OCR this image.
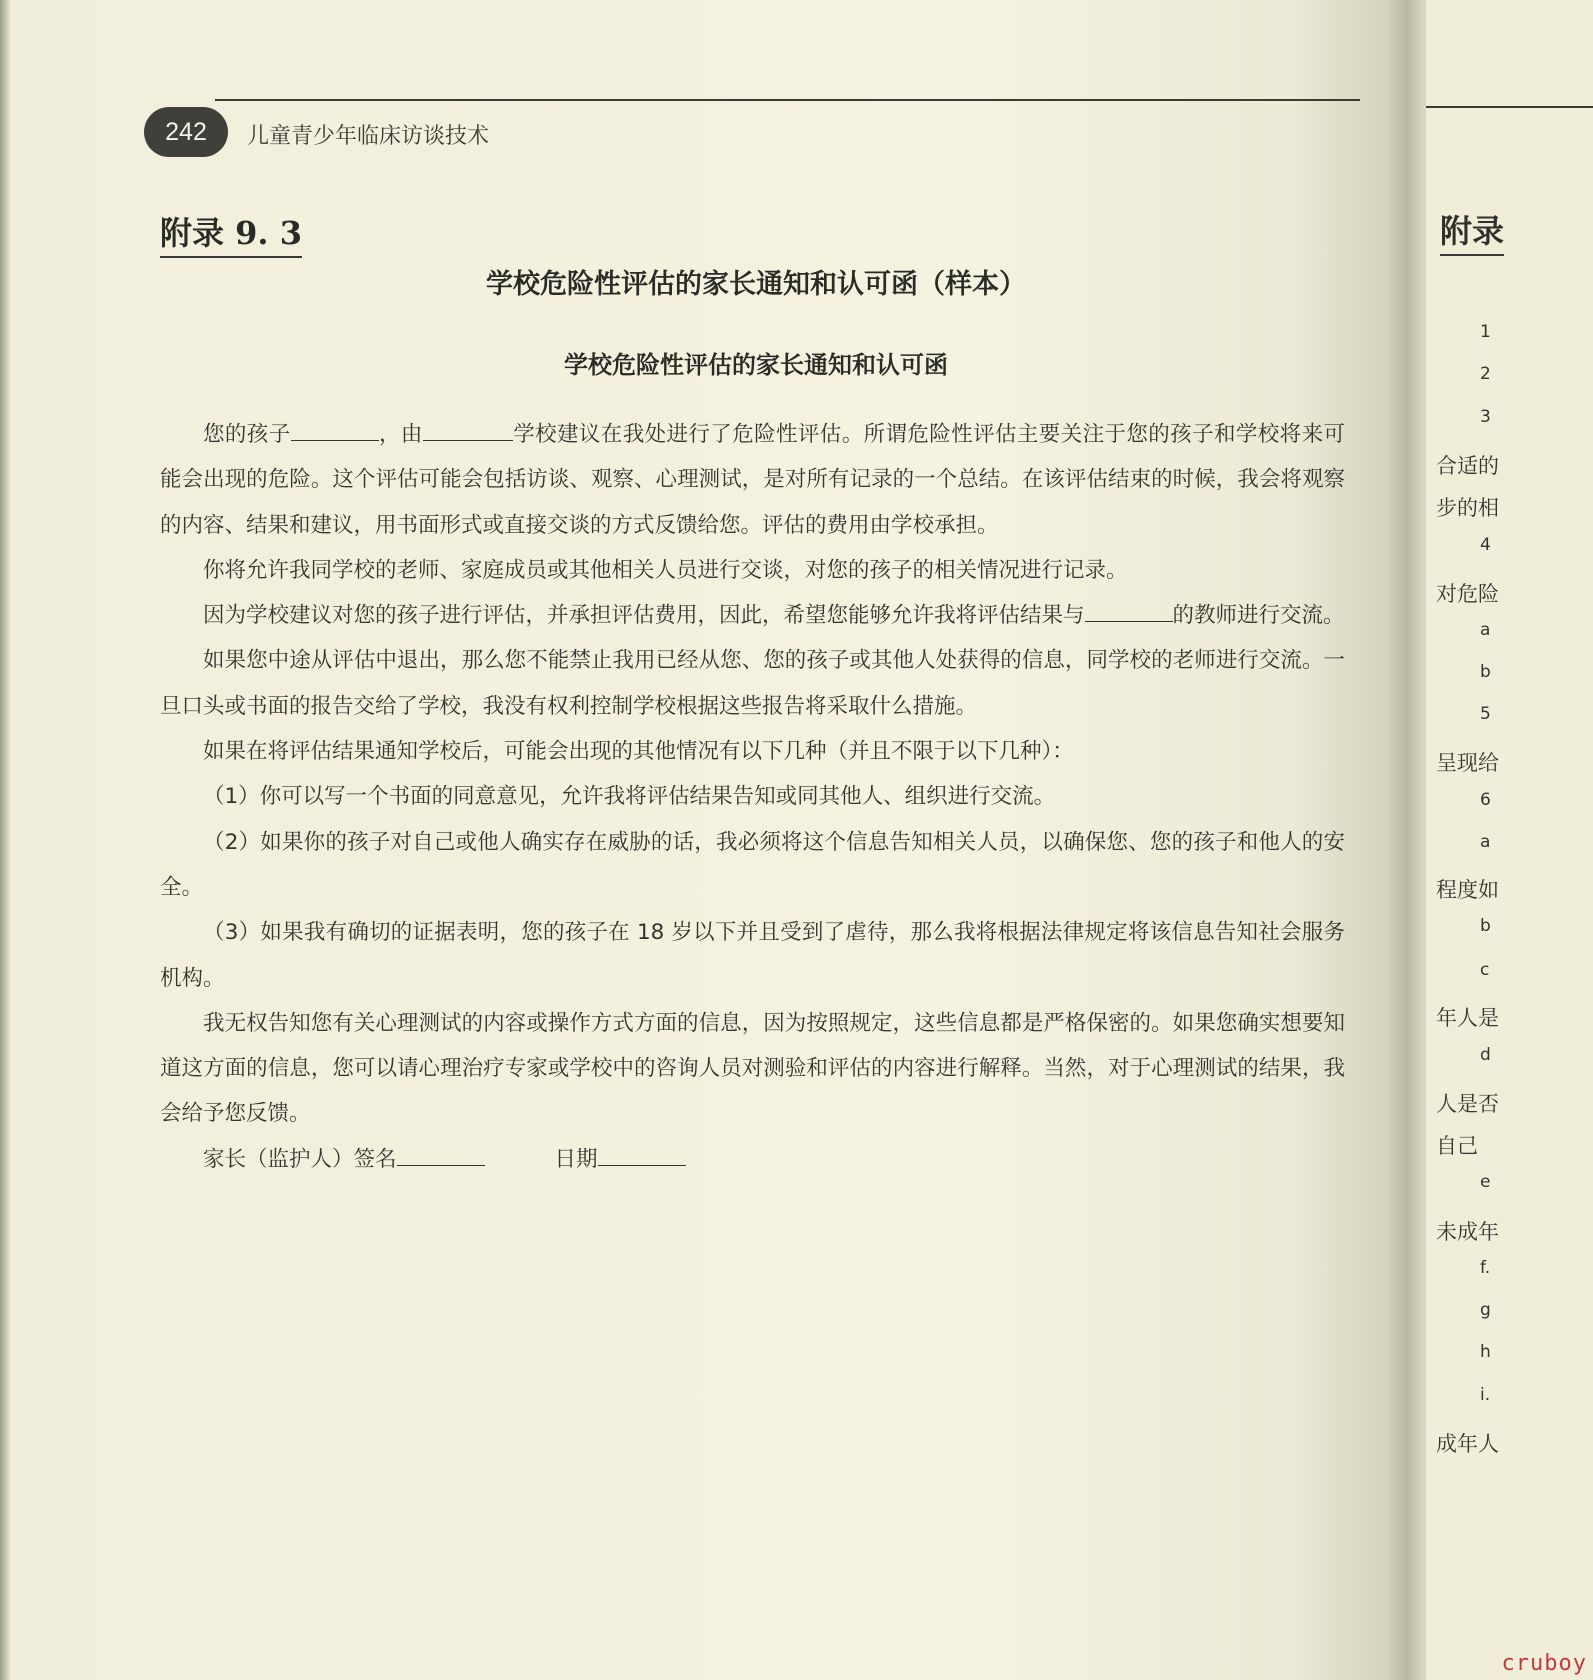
242	儿童青少年临床访谈技术
附录 9. 3
学校危险性评估的家长通知和认可函（样本）
学校危险性评估的家长通知和认可函

您的孩子	，由	学校建议在我处进行了危险性评估。所谓危险性评估主要关注于您的孩子和学校将来可能会出现的危险。这个评估可能会包括访谈、观察、心理测试，是对所有记录的一个总结。在该评估结束的时候，我会将观察的内容、结果和建议，用书面形式或直接交谈的方式反馈给您。评估的费用由学校承担。

你将允许我同学校的老师、家庭成员或其他相关人员进行交谈，对您的孩子的相关情况进行记录。

因为学校建议对您的孩子进行评估，并承担评估费用，因此，希望您能够允许我将评估结果与	的教师进行交流。

如果您中途从评估中退出，那么您不能禁止我用已经从您、您的孩子或其他人处获得的信息，同学校的老师进行交流。一旦口头或书面的报告交给了学校，我没有权利控制学校根据这些报告将采取什么措施。

如果在将评估结果通知学校后，可能会出现的其他情况有以下几种（并且不限于以下几种）：

（1）你可以写一个书面的同意意见，允许我将评估结果告知或同其他人、组织进行交流。

（2）如果你的孩子对自己或他人确实存在威胁的话，我必须将这个信息告知相关人员，以确保您、您的孩子和他人的安全。

（3）如果我有确切的证据表明，您的孩子在 18 岁以下并且受到了虐待，那么我将根据法律规定将该信息告知社会服务机构。

我无权告知您有关心理测试的内容或操作方式方面的信息，因为按照规定，这些信息都是严格保密的。如果您确实想要知道这方面的信息，您可以请心理治疗专家或学校中的咨询人员对测验和评估的内容进行解释。当然，对于心理测试的结果，我会给予您反馈。

家长（监护人）签名	日期

附录
1
2
3
合适的
步的相
4
对危险
a
b
5
呈现给
6
a
程度如
b
c
年人是
d
人是否
自己
e
未成年
f.
g
h
i.
成年人
cruboy
